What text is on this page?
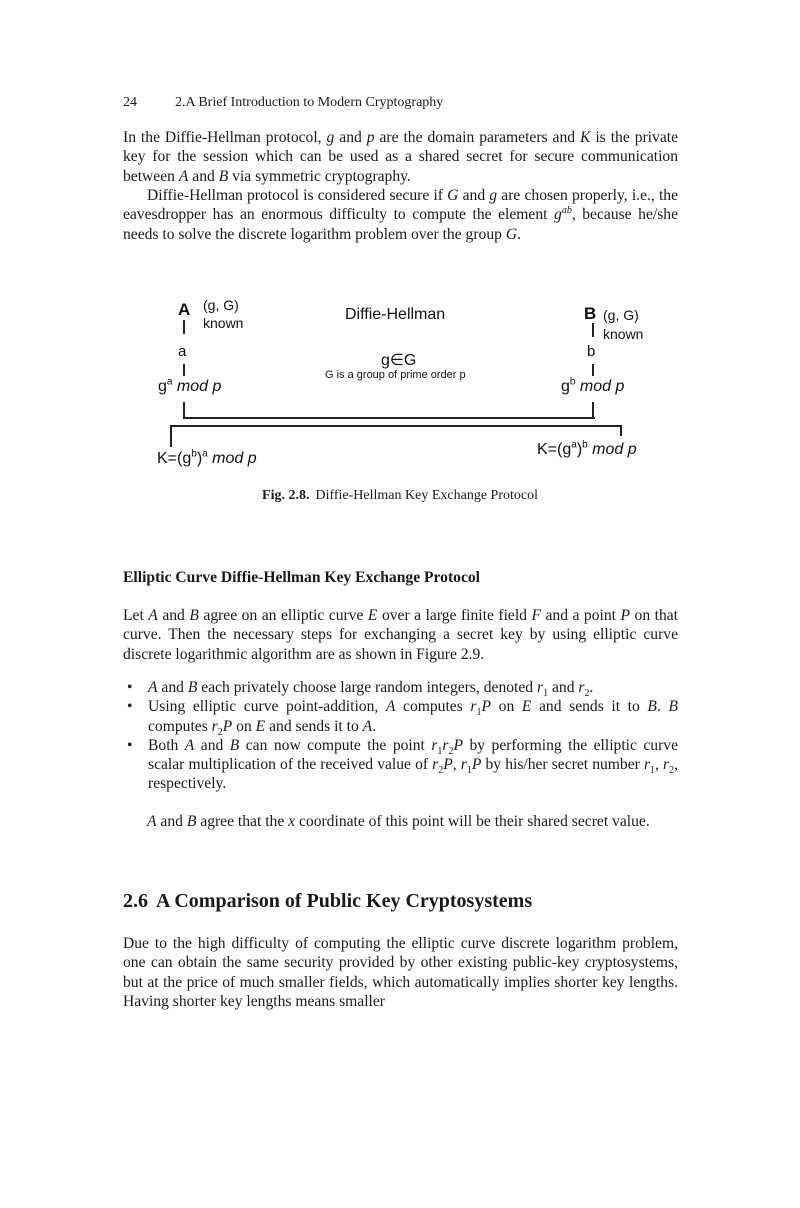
24	2.A Brief Introduction to Modern Cryptography

In the Diffie-Hellman protocol, g and p are the domain parameters and K is the private key for the session which can be used as a shared secret for secure communication between A and B via symmetric cryptography.

Diffie-Hellman protocol is considered secure if G and g are chosen properly, i.e., the eavesdropper has an enormous difficulty to compute the element $g^{ab}$, because he/she needs to solve the discrete logarithm problem over the group G.

A (g, G)
known
a
$g^a$ mod p
Diffie-Hellman
g∈G
G is a group of prime order p
B (g, G)
known
b
$g^b$ mod p
$K=(g^b)^a$ mod p
$K=(g^a)^b$ mod p
Fig. 2.8. Diffie-Hellman Key Exchange Protocol
Elliptic Curve Diffie-Hellman Key Exchange Protocol

Let A and B agree on an elliptic curve E over a large finite field F and a point P on that curve. Then the necessary steps for exchanging a secret key by using elliptic curve discrete logarithmic algorithm are as shown in Figure 2.9.

• A and B each privately choose large random integers, denoted $r_1$ and $r_2$.
• Using elliptic curve point-addition, A computes $r_1P$ on E and sends it to B. B computes $r_2P$ on E and sends it to A.
• Both A and B can now compute the point $r_1r_2P$ by performing the elliptic curve scalar multiplication of the received value of $r_2P$, $r_1P$ by his/her secret number $r_1$, $r_2$, respectively.

A and B agree that the x coordinate of this point will be their shared secret value.

2.6 A Comparison of Public Key Cryptosystems

Due to the high difficulty of computing the elliptic curve discrete logarithm problem, one can obtain the same security provided by other existing public-key cryptosystems, but at the price of much smaller fields, which automatically implies shorter key lengths. Having shorter key lengths means smaller
